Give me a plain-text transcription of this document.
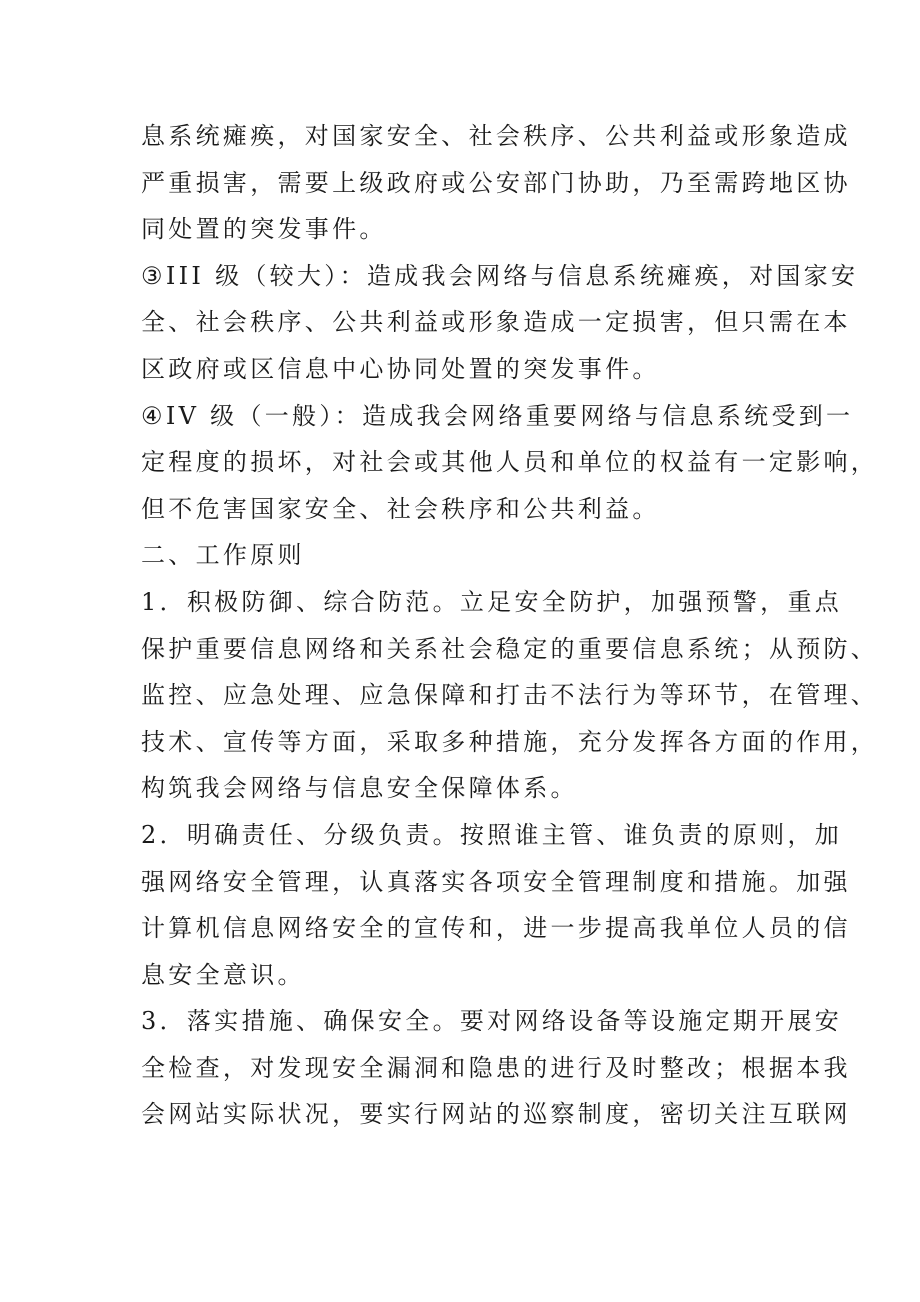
息系统瘫痪，对国家安全、社会秩序、公共利益或形象造成
严重损害，需要上级政府或公安部门协助，乃至需跨地区协
同处置的突发事件。
③III 级（较大）：造成我会网络与信息系统瘫痪，对国家安
全、社会秩序、公共利益或形象造成一定损害，但只需在本
区政府或区信息中心协同处置的突发事件。
④IV 级（一般）：造成我会网络重要网络与信息系统受到一
定程度的损坏，对社会或其他人员和单位的权益有一定影响，
但不危害国家安全、社会秩序和公共利益。
二、工作原则
1．积极防御、综合防范。立足安全防护，加强预警，重点
保护重要信息网络和关系社会稳定的重要信息系统；从预防、
监控、应急处理、应急保障和打击不法行为等环节，在管理、
技术、宣传等方面，采取多种措施，充分发挥各方面的作用，
构筑我会网络与信息安全保障体系。
2．明确责任、分级负责。按照谁主管、谁负责的原则，加
强网络安全管理，认真落实各项安全管理制度和措施。加强
计算机信息网络安全的宣传和，进一步提高我单位人员的信
息安全意识。
3．落实措施、确保安全。要对网络设备等设施定期开展安
全检查，对发现安全漏洞和隐患的进行及时整改；根据本我
会网站实际状况，要实行网站的巡察制度，密切关注互联网
